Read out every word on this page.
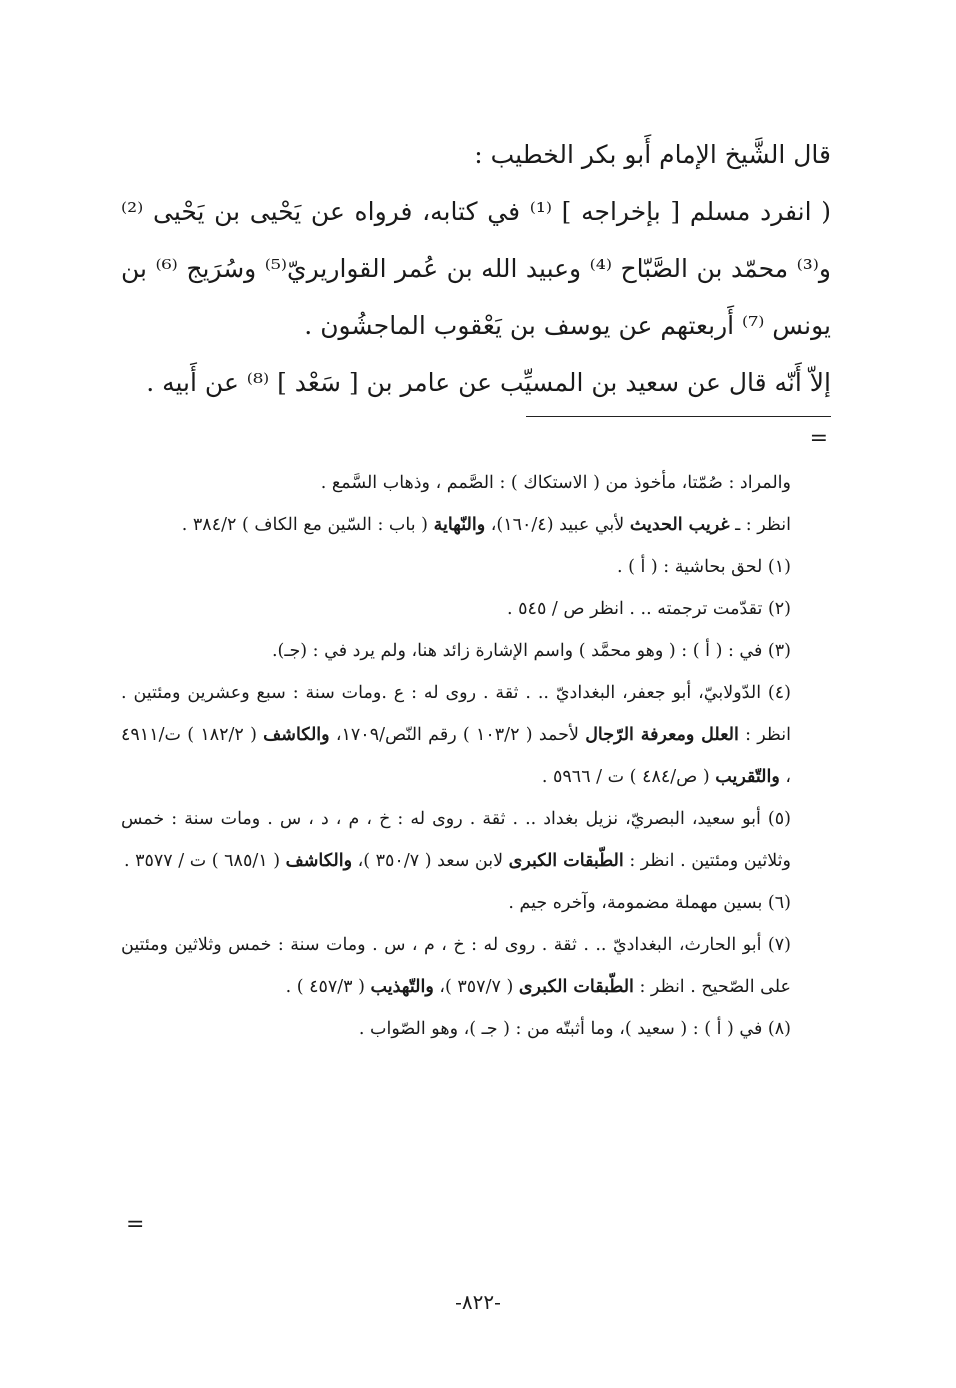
قال الشَّيخ الإمام أَبو بكر الخطيب :

( انفرد مسلم [ بإخراجه ] ⁽¹⁾ في كتابه، فرواه عن يَحْيى بن يَحْيى ⁽²⁾ و⁽³⁾ محمّد بن الصَّبّاح ⁽⁴⁾ وعبيد الله بن عُمر القواريريّ⁽⁵⁾ وسُرَيج ⁽⁶⁾ بن يونس ⁽⁷⁾ أَربعتهم عن يوسف بن يَعْقوب الماجشُون .

إلاّ أَنّه قال عن سعيد بن المسيِّب عن عامر بن [ سَعْد ] ⁽⁸⁾ عن أَبيه .

=

والمراد : صُمّتا، مأخوذ من ( الاستكاك ) : الصَّمم ، وذهاب السَّمع .

انظر : ـ غريب الحديث لأبي عبيد (١٦٠/٤)، والنّهاية ( باب : السّين مع الكاف ) ٣٨٤/٢ .

(١) لحق بحاشية : ( أ ) .

(٢) تقدّمت ترجمته .. . انظر ص / ٥٤٥ .

(٣) في : ( أ ) : ( وهو محمَّد ) واسم الإشارة زائد هنا، ولم يرد في : (جـ).

(٤) الدّولابيّ، أبو جعفر، البغداديّ .. . ثقة . روى له : ع .ومات سنة : سبع وعشرين ومئتين . انظر : العلل ومعرفة الرّجال لأحمد ( ١٠٣/٢ ) رقم النّص/١٧٠٩، والكاشف ( ١٨٢/٢ ) ت/٤٩١١ ، والتّقريب ( ص/٤٨٤ ) ت / ٥٩٦٦ .

(٥) أبو سعيد، البصريّ، نزيل بغداد .. . ثقة . روى له : خ ، م ، د ، س . ومات سنة : خمس وثلاثين ومئتين . انظر : الطّبقات الكبرى لابن سعد ( ٣٥٠/٧ )، والكاشف ( ٦٨٥/١ ) ت / ٣٥٧٧ .

(٦) بسين مهملة مضمومة، وآخره جيم .

(٧) أبو الحارث، البغداديّ .. . ثقة . روى له : خ ، م ، س . ومات سنة : خمس وثلاثين ومئتين على الصّحيح . انظر : الطّبقات الكبرى ( ٣٥٧/٧ )، والتّهذيب ( ٤٥٧/٣ ) .

(٨) في ( أ ) : ( سعيد )، وما أثبتّه من : ( جـ )، وهو الصّواب .

=
-٨٢٢-
